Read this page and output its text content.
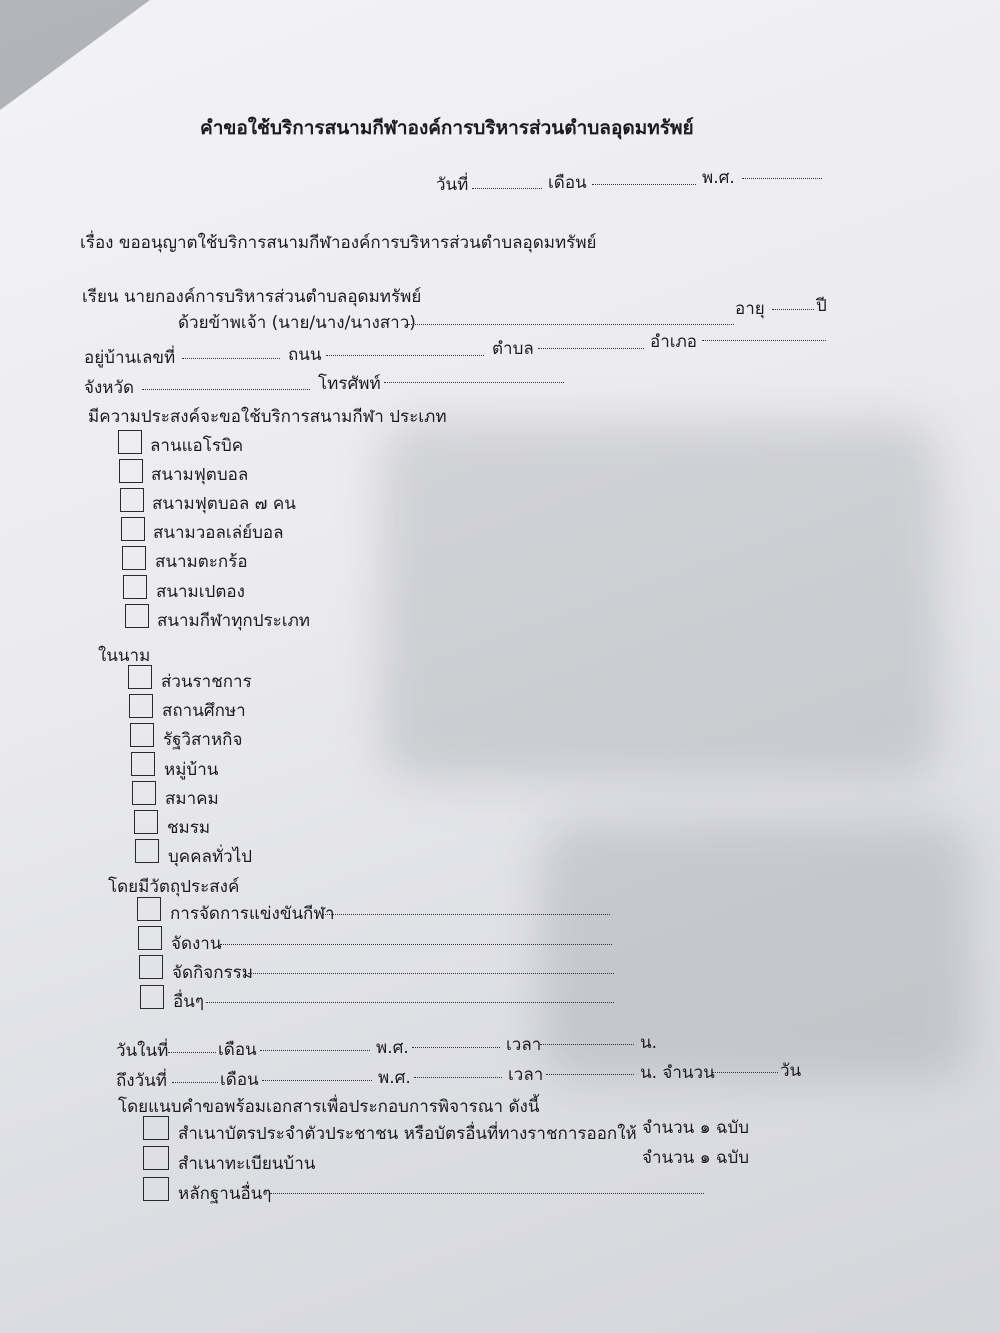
คำขอใช้บริการสนามกีฬาองค์การบริหารส่วนตำบลอุดมทรัพย์
วันที่	เดือน	พ.ศ.
เรื่อง ขออนุญาตใช้บริการสนามกีฬาองค์การบริหารส่วนตำบลอุดมทรัพย์
เรียน นายกองค์การบริหารส่วนตำบลอุดมทรัพย์
ด้วยข้าพเจ้า (นาย/นาง/นางสาว)
อายุ	ปี
อยู่บ้านเลขที่	ถนน	ตำบล	อำเภอ
จังหวัด	โทรศัพท์
มีความประสงค์จะขอใช้บริการสนามกีฬา ประเภท
ลานแอโรบิค
สนามฟุตบอล
สนามฟุตบอล ๗ คน
สนามวอลเล่ย์บอล
สนามตะกร้อ
สนามเปตอง
สนามกีฬาทุกประเภท
ในนาม
ส่วนราชการ
สถานศึกษา
รัฐวิสาหกิจ
หมู่บ้าน
สมาคม
ชมรม
บุคคลทั่วไป
โดยมีวัตถุประสงค์
การจัดการแข่งขันกีฬา
จัดงาน
จัดกิจกรรม
อื่นๆ
วันในที่	เดือน	พ.ศ.	เวลา	น.
ถึงวันที่	เดือน	พ.ศ.	เวลา	น. จำนวน	วัน
โดยแนบคำขอพร้อมเอกสารเพื่อประกอบการพิจารณา ดังนี้
สำเนาบัตรประจำตัวประชาชน หรือบัตรอื่นที่ทางราชการออกให้ จำนวน ๑ ฉบับ
สำเนาทะเบียนบ้าน	จำนวน ๑ ฉบับ
หลักฐานอื่นๆ
